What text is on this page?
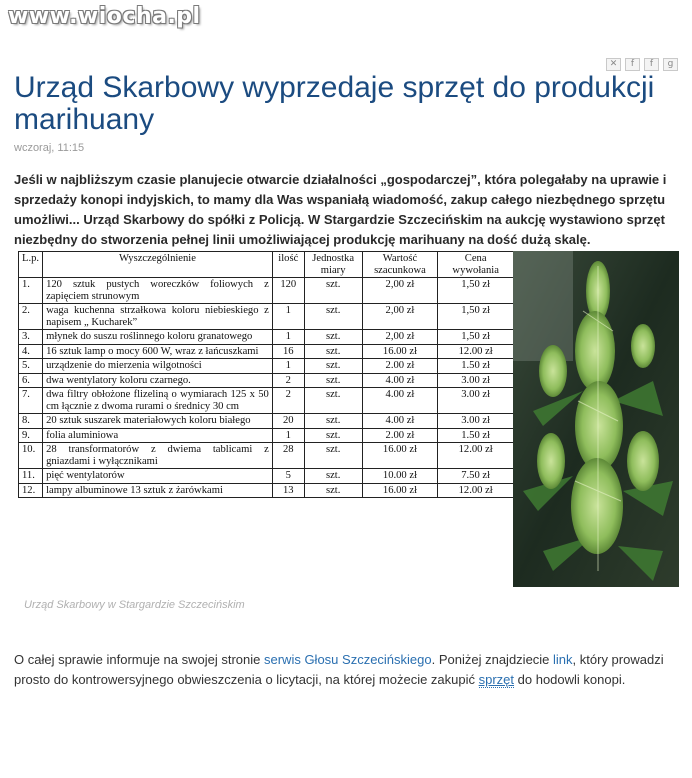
www.wiocha.pl
✕	f	f	g
Urząd Skarbowy wyprzedaje sprzęt do produkcji marihuany
wczoraj, 11:15

Jeśli w najbliższym czasie planujecie otwarcie działalności „gospodarczej”, która polegałaby na uprawie i sprzedaży konopi indyjskich, to mamy dla Was wspaniałą wiadomość, zakup całego niezbędnego sprzętu umożliwi... Urząd Skarbowy do spółki z Policją. W Stargardzie Szczecińskim na aukcję wystawiono sprzęt niezbędny do stworzenia pełnej linii umożliwiającej produkcję marihuany na dość dużą skalę.

L.p.	Wyszczególnienie	ilość	Jednostka miary	Wartość szacunkowa	Cena wywołania
1.	120 sztuk pustych woreczków foliowych z zapięciem strunowym	120	szt.	2,00 zł	1,50 zł
2.	waga kuchenna strzałkowa koloru niebieskiego z napisem „ Kucharek”	1	szt.	2,00 zł	1,50 zł
3.	młynek do suszu roślinnego koloru granatowego	1	szt.	2,00 zł	1,50 zł
4.	16 sztuk lamp o mocy 600 W, wraz z łańcuszkami	16	szt.	16.00 zł	12.00 zł
5.	urządzenie do mierzenia wilgotności	1	szt.	2.00 zł	1.50 zł
6.	dwa wentylatory koloru czarnego.	2	szt.	4.00 zł	3.00 zł
7.	dwa filtry obłożone flizeliną o wymiarach 125 x 50 cm łącznie z dwoma rurami o średnicy 30 cm	2	szt.	4.00 zł	3.00 zł
8.	20 sztuk suszarek materiałowych koloru białego	20	szt.	4.00 zł	3.00 zł
9.	folia aluminiowa	1	szt.	2.00 zł	1.50 zł
10.	28 transformatorów z dwiema tablicami z gniazdami i wyłącznikami	28	szt.	16.00 zł	12.00 zł
11.	pięć wentylatorów	5	szt.	10.00 zł	7.50 zł
12.	lampy albuminowe 13 sztuk z żarówkami	13	szt.	16.00 zł	12.00 zł
Urząd Skarbowy w Stargardzie Szczecińskim

O całej sprawie informuje na swojej stronie serwis Głosu Szczecińskiego. Poniżej znajdziecie link, który prowadzi prosto do kontrowersyjnego obwieszczenia o licytacji, na której możecie zakupić sprzęt do hodowli konopi.
